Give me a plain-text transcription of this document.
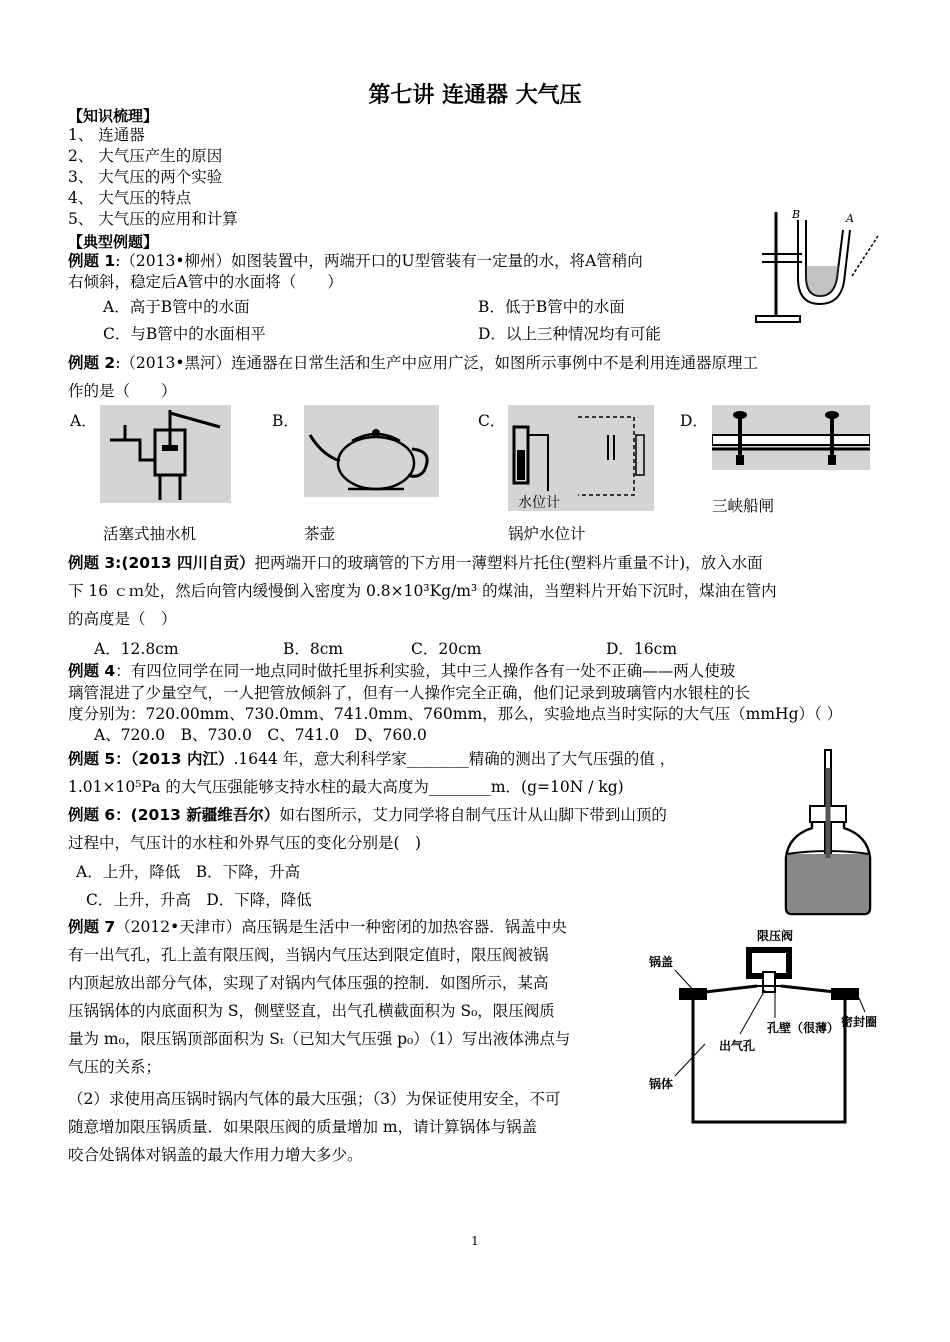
第七讲 连通器 大气压
【知识梳理】
1、 连通器
2、 大气压产生的原因
3、 大气压的两个实验
4、 大气压的特点
5、 大气压的应用和计算
【典型例题】
例题 1:（2013•柳州）如图装置中，两端开口的U型管装有一定量的水，将A管稍向
右倾斜，稳定后A管中的水面将（　　）
A．高于B管中的水面	B．低于B管中的水面
C．与B管中的水面相平	D．以上三种情况均有可能
B	A
例题 2:（2013•黑河）连通器在日常生活和生产中应用广泛，如图所示事例中不是利用连通器原理工
作的是（　　）
A．	B．	C．	D．
水位计	三峡船闸
活塞式抽水机	茶壶	锅炉水位计
例题 3:(2013 四川自贡）把两端开口的玻璃管的下方用一薄塑料片托住(塑料片重量不计)，放入水面
下 16 ｃｍ处，然后向管内缓慢倒入密度为 0.8×10³Kg/m³ 的煤油，当塑料片开始下沉时，煤油在管内
的高度是（　）
A．12.8cm	B．8cm	C．20cm	D．16cm
例题 4：有四位同学在同一地点同时做托里拆利实验，其中三人操作各有一处不正确——两人使玻
璃管混进了少量空气，一人把管放倾斜了，但有一人操作完全正确，他们记录到玻璃管内水银柱的长
度分别为：720.00mm、730.0mm、741.0mm、760mm，那么，实验地点当时实际的大气压（mmHg）（ ）
A、720.0　B、730.0　C、741.0　D、760.0
例题 5：（2013 内江）.1644 年，意大利科学家________精确的测出了大气压强的值 ，
1.01×10⁵Pa 的大气压强能够支持水柱的最大高度为________m．(g=10N / kg)
例题 6：(2013 新疆维吾尔）如右图所示，艾力同学将自制气压计从山脚下带到山顶的
过程中，气压计的水柱和外界气压的变化分别是(　)
A．上升，降低　B．下降，升高
C．上升，升高　D．下降，降低
例题 7（2012•天津市）高压锅是生活中一种密闭的加热容器．锅盖中央
有一出气孔，孔上盖有限压阀，当锅内气压达到限定值时，限压阀被锅
内顶起放出部分气体，实现了对锅内气体压强的控制．如图所示，某高
压锅锅体的内底面积为 S，侧壁竖直，出气孔横截面积为 S₀，限压阀质
量为 m₀，限压锅顶部面积为 Sₜ（已知大气压强 p₀）（1）写出液体沸点与
气压的关系；
（2）求使用高压锅时锅内气体的最大压强；（3）为保证使用安全，不可
随意增加限压锅质量．如果限压阀的质量增加 m，请计算锅体与锅盖
咬合处锅体对锅盖的最大作用力增大多少。
限压阀
锅盖
密封圈
孔壁（很薄）
出气孔
锅体
1
